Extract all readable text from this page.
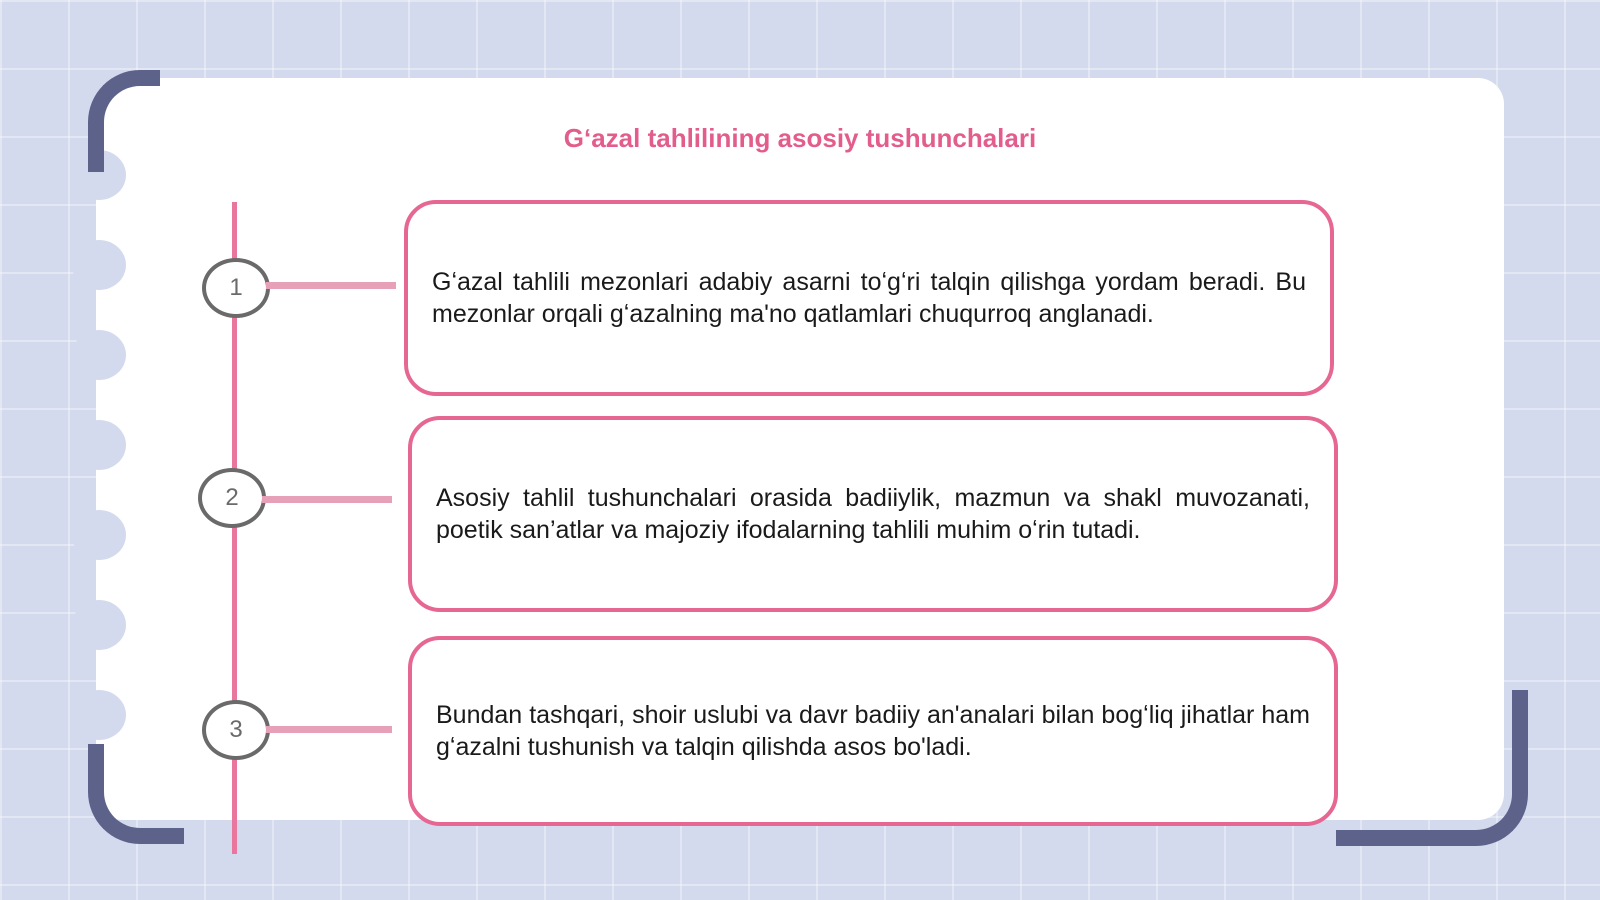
Gʻazal tahlilining asosiy tushunchalari
1	Gʻazal tahlili mezonlari adabiy asarni toʻgʻri talqin qilishga yordam beradi. Bu mezonlar orqali gʻazalning ma'no qatlamlari chuqurroq anglanadi.

2	Asosiy tahlil tushunchalari orasida badiiylik, mazmun va shakl muvozanati, poetik san’atlar va majoziy ifodalarning tahlili muhim oʻrin tutadi.

3

Bundan tashqari, shoir uslubi va davr badiiy an'analari bilan bogʻliq jihatlar ham gʻazalni tushunish va talqin qilishda asos bo'ladi.
